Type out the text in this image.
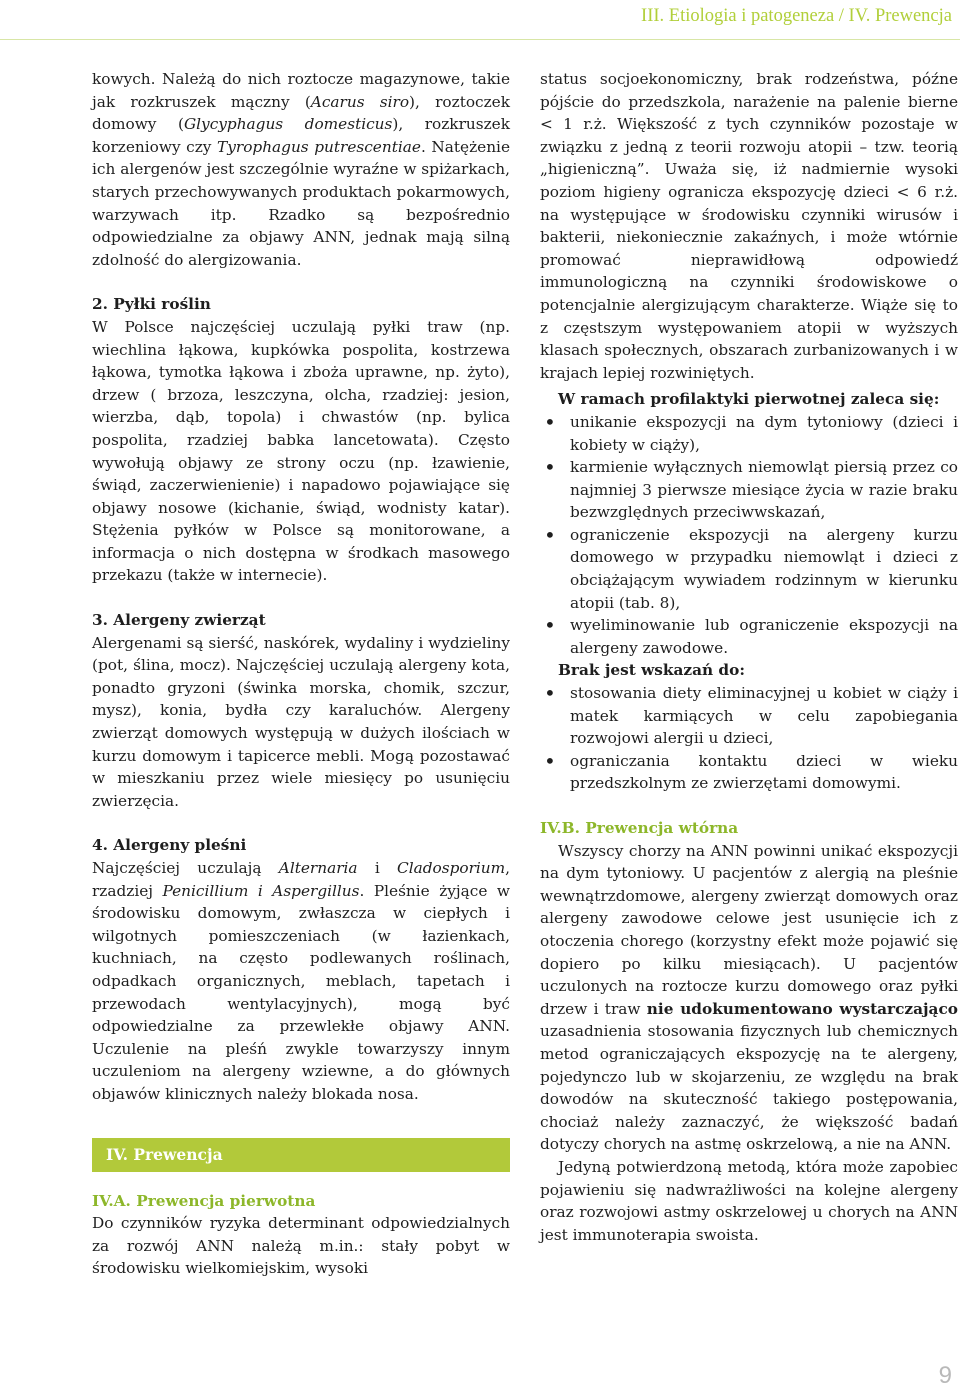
III. Etiologia i patogeneza / IV. Prewencja

kowych. Należą do nich roztocze magazynowe, takie jak rozkruszek mączny (Acarus siro), roztoczek domowy (Glycyphagus domesticus), rozkruszek korzeniowy czy Tyrophagus putrescentiae. Natężenie ich alergenów jest szczególnie wyraźne w spiżarkach, starych przechowywanych produktach pokarmowych, warzywach itp. Rzadko są bezpośrednio odpowiedzialne za objawy ANN, jednak mają silną zdolność do alergizowania.

2. Pyłki roślin

W Polsce najczęściej uczulają pyłki traw (np. wiechlina łąkowa, kupkówka pospolita, kostrzewa łąkowa, tymotka łąkowa i zboża uprawne, np. żyto), drzew ( brzoza, leszczyna, olcha, rzadziej: jesion, wierzba, dąb, topola) i chwastów (np. bylica pospolita, rzadziej babka lancetowata). Często wywołują objawy ze strony oczu (np. łzawienie, świąd, zaczerwienienie) i napadowo pojawiające się objawy nosowe (kichanie, świąd, wodnisty katar). Stężenia pyłków w Polsce są monitorowane, a informacja o nich dostępna w środkach masowego przekazu (także w internecie).

3. Alergeny zwierząt

Alergenami są sierść, naskórek, wydaliny i wydzieliny (pot, ślina, mocz). Najczęściej uczulają alergeny kota, ponadto gryzoni (świnka morska, chomik, szczur, mysz), konia, bydła czy karaluchów. Alergeny zwierząt domowych występują w dużych ilościach w kurzu domowym i tapicerce mebli. Mogą pozostawać w mieszkaniu przez wiele miesięcy po usunięciu zwierzęcia.

4. Alergeny pleśni

Najczęściej uczulają Alternaria i Cladosporium, rzadziej Penicillium i Aspergillus. Pleśnie żyjące w środowisku domowym, zwłaszcza w ciepłych i wilgotnych pomieszczeniach (w łazienkach, kuchniach, na często podlewanych roślinach, odpadkach organicznych, meblach, tapetach i przewodach wentylacyjnych), mogą być odpowiedzialne za przewlekłe objawy ANN. Uczulenie na pleśń zwykle towarzyszy innym uczuleniom na alergeny wziewne, a do głównych objawów klinicznych należy blokada nosa.

IV. Prewencja

IV.A. Prewencja pierwotna

Do czynników ryzyka determinant odpowiedzialnych za rozwój ANN należą m.in.: stały pobyt w środowisku wielkomiejskim, wysoki

status socjoekonomiczny, brak rodzeństwa, późne pójście do przedszkola, narażenie na palenie bierne < 1 r.ż. Większość z tych czynników pozostaje w związku z jedną z teorii rozwoju atopii – tzw. teorią „higieniczną”. Uważa się, iż nadmiernie wysoki poziom higieny ogranicza ekspozycję dzieci < 6 r.ż. na występujące w środowisku czynniki wirusów i bakterii, niekoniecznie zakaźnych, i może wtórnie promować nieprawidłową odpowiedź immunologiczną na czynniki środowiskowe o potencjalnie alergizującym charakterze. Wiąże się to z częstszym występowaniem atopii w wyższych klasach społecznych, obszarach zurbanizowanych i w krajach lepiej rozwiniętych.

W ramach profilaktyki pierwotnej zaleca się:

• unikanie ekspozycji na dym tytoniowy (dzieci i kobiety w ciąży),
• karmienie wyłącznych niemowląt piersią przez co najmniej 3 pierwsze miesiące życia w razie braku bezwzględnych przeciwwskazań,
• ograniczenie ekspozycji na alergeny kurzu domowego w przypadku niemowląt i dzieci z obciążającym wywiadem rodzinnym w kierunku atopii (tab. 8),
• wyeliminowanie lub ograniczenie ekspozycji na alergeny zawodowe.

Brak jest wskazań do:

• stosowania diety eliminacyjnej u kobiet w ciąży i matek karmiących w celu zapobiegania rozwojowi alergii u dzieci,
• ograniczania kontaktu dzieci w wieku przedszkolnym ze zwierzętami domowymi.

IV.B. Prewencja wtórna

Wszyscy chorzy na ANN powinni unikać ekspozycji na dym tytoniowy. U pacjentów z alergią na pleśnie wewnątrzdomowe, alergeny zwierząt domowych oraz alergeny zawodowe celowe jest usunięcie ich z otoczenia chorego (korzystny efekt może pojawić się dopiero po kilku miesiącach). U pacjentów uczulonych na roztocze kurzu domowego oraz pyłki drzew i traw nie udokumentowano wystarczająco uzasadnienia stosowania fizycznych lub chemicznych metod ograniczających ekspozycję na te alergeny, pojedynczo lub w skojarzeniu, ze względu na brak dowodów na skuteczność takiego postępowania, chociaż należy zaznaczyć, że większość badań dotyczy chorych na astmę oskrzelową, a nie na ANN.

Jedyną potwierdzoną metodą, która może zapobiec pojawieniu się nadwrażliwości na kolejne alergeny oraz rozwojowi astmy oskrzelowej u chorych na ANN jest immunoterapia swoista.

9
